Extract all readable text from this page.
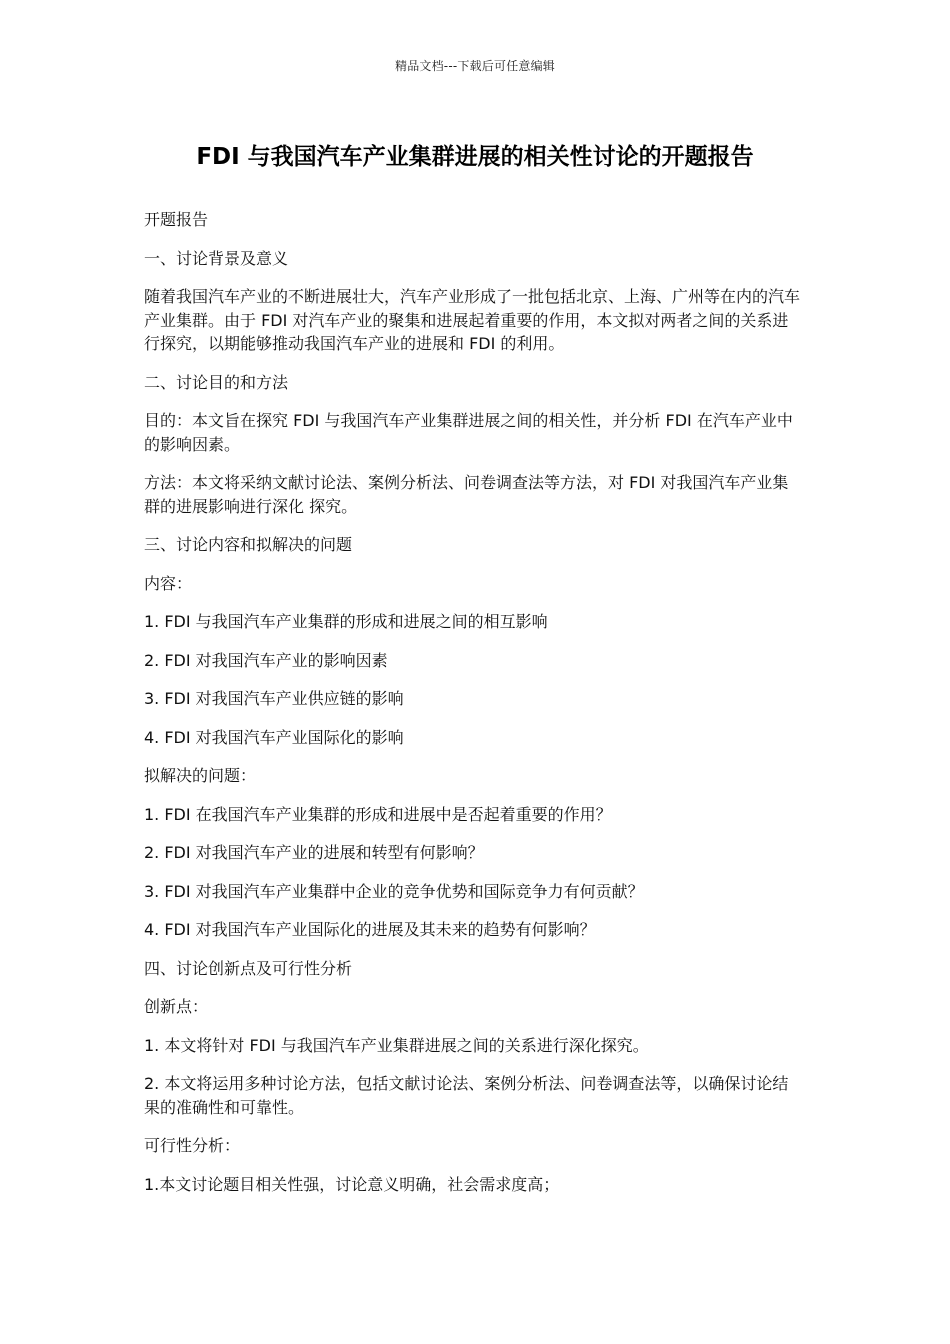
精品文档---下载后可任意编辑
FDI 与我国汽车产业集群进展的相关性讨论的开题报告

开题报告

一、讨论背景及意义

随着我国汽车产业的不断进展壮大，汽车产业形成了一批包括北京、上海、广州等在内的汽车产业集群。由于 FDI 对汽车产业的聚集和进展起着重要的作用，本文拟对两者之间的关系进行探究，以期能够推动我国汽车产业的进展和 FDI 的利用。

二、讨论目的和方法

目的：本文旨在探究 FDI 与我国汽车产业集群进展之间的相关性，并分析 FDI 在汽车产业中的影响因素。

方法：本文将采纳文献讨论法、案例分析法、问卷调查法等方法，对 FDI 对我国汽车产业集群的进展影响进行深化 探究。

三、讨论内容和拟解决的问题

内容：

1. FDI 与我国汽车产业集群的形成和进展之间的相互影响

2. FDI 对我国汽车产业的影响因素

3. FDI 对我国汽车产业供应链的影响

4. FDI 对我国汽车产业国际化的影响

拟解决的问题：

1. FDI 在我国汽车产业集群的形成和进展中是否起着重要的作用？

2. FDI 对我国汽车产业的进展和转型有何影响？

3. FDI 对我国汽车产业集群中企业的竞争优势和国际竞争力有何贡献？

4. FDI 对我国汽车产业国际化的进展及其未来的趋势有何影响？

四、讨论创新点及可行性分析

创新点：

1. 本文将针对 FDI 与我国汽车产业集群进展之间的关系进行深化探究。

2. 本文将运用多种讨论方法，包括文献讨论法、案例分析法、问卷调查法等，以确保讨论结果的准确性和可靠性。

可行性分析：

1.本文讨论题目相关性强，讨论意义明确，社会需求度高；
